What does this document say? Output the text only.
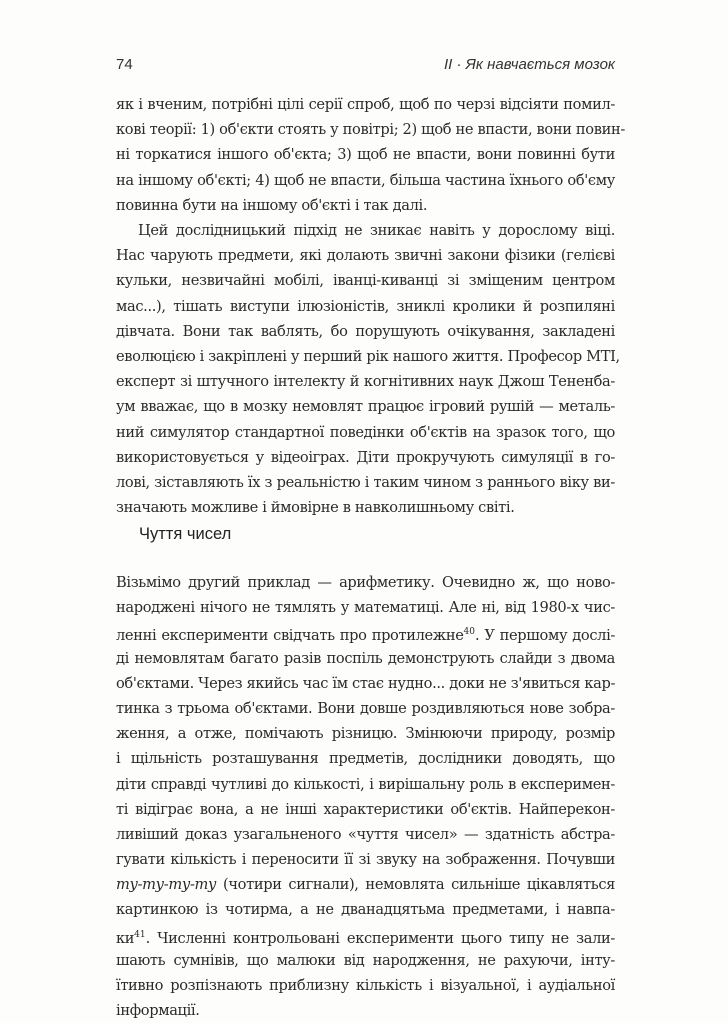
74	II · Як навчається мозок
як і вченим, потрібні цілі серії спроб, щоб по черзі відсіяти помил-
кові теорії: 1) об'єкти стоять у повітрі; 2) щоб не впасти, вони повин-
ні торкатися іншого об'єкта; 3) щоб не впасти, вони повинні бути
на іншому об'єкті; 4) щоб не впасти, більша частина їхнього об'єму
повинна бути на іншому об'єкті і так далі.
Цей дослідницький підхід не зникає навіть у дорослому віці.
Нас чарують предмети, які долають звичні закони фізики (гелієві
кульки, незвичайні мобілі, іванці-киванці зі зміщеним центром
мас...), тішать виступи ілюзіоністів, зниклі кролики й розпиляні
дівчата. Вони так ваблять, бо порушують очікування, закладені
еволюцією і закріплені у перший рік нашого життя. Професор MTI,
експерт зі штучного інтелекту й когнітивних наук Джош Тененба-
ум вважає, що в мозку немовлят працює ігровий рушій — металь-
ний симулятор стандартної поведінки об'єктів на зразок того, що
використовується у відеоіграх. Діти прокручують симуляції в го-
лові, зіставляють їх з реальністю і таким чином з раннього віку ви-
значають можливе і ймовірне в навколишньому світі.
Чуття чисел
Візьмімо другий приклад — арифметику. Очевидно ж, що ново-
народжені нічого не тямлять у математиці. Але ні, від 1980-х чис-
ленні експерименти свідчать про протилежне$^{40}$. У першому дослі-
ді немовлятам багато разів поспіль демонструють слайди з двома
об'єктами. Через якийсь час їм стає нудно... доки не з'явиться кар-
тинка з трьома об'єктами. Вони довше роздивляються нове зобра-
ження, а отже, помічають різницю. Змінюючи природу, розмір
і щільність розташування предметів, дослідники доводять, що
діти справді чутливі до кількості, і вирішальну роль в експеримен-
ті відіграє вона, а не інші характеристики об'єктів. Найперекон-
ливіший доказ узагальненого «чуття чисел» — здатність абстра-
гувати кількість і переносити її зі звуку на зображення. Почувши
ту-ту-ту-ту (чотири сигнали), немовлята сильніше цікавляться
картинкою із чотирма, а не дванадцятьма предметами, і навпа-
$ки^{41}$. Численні контрольовані експерименти цього типу не зали-
шають сумнівів, що малюки від народження, не рахуючи, інту-
їтивно розпізнають приблизну кількість і візуальної, і аудіальної
інформації.
